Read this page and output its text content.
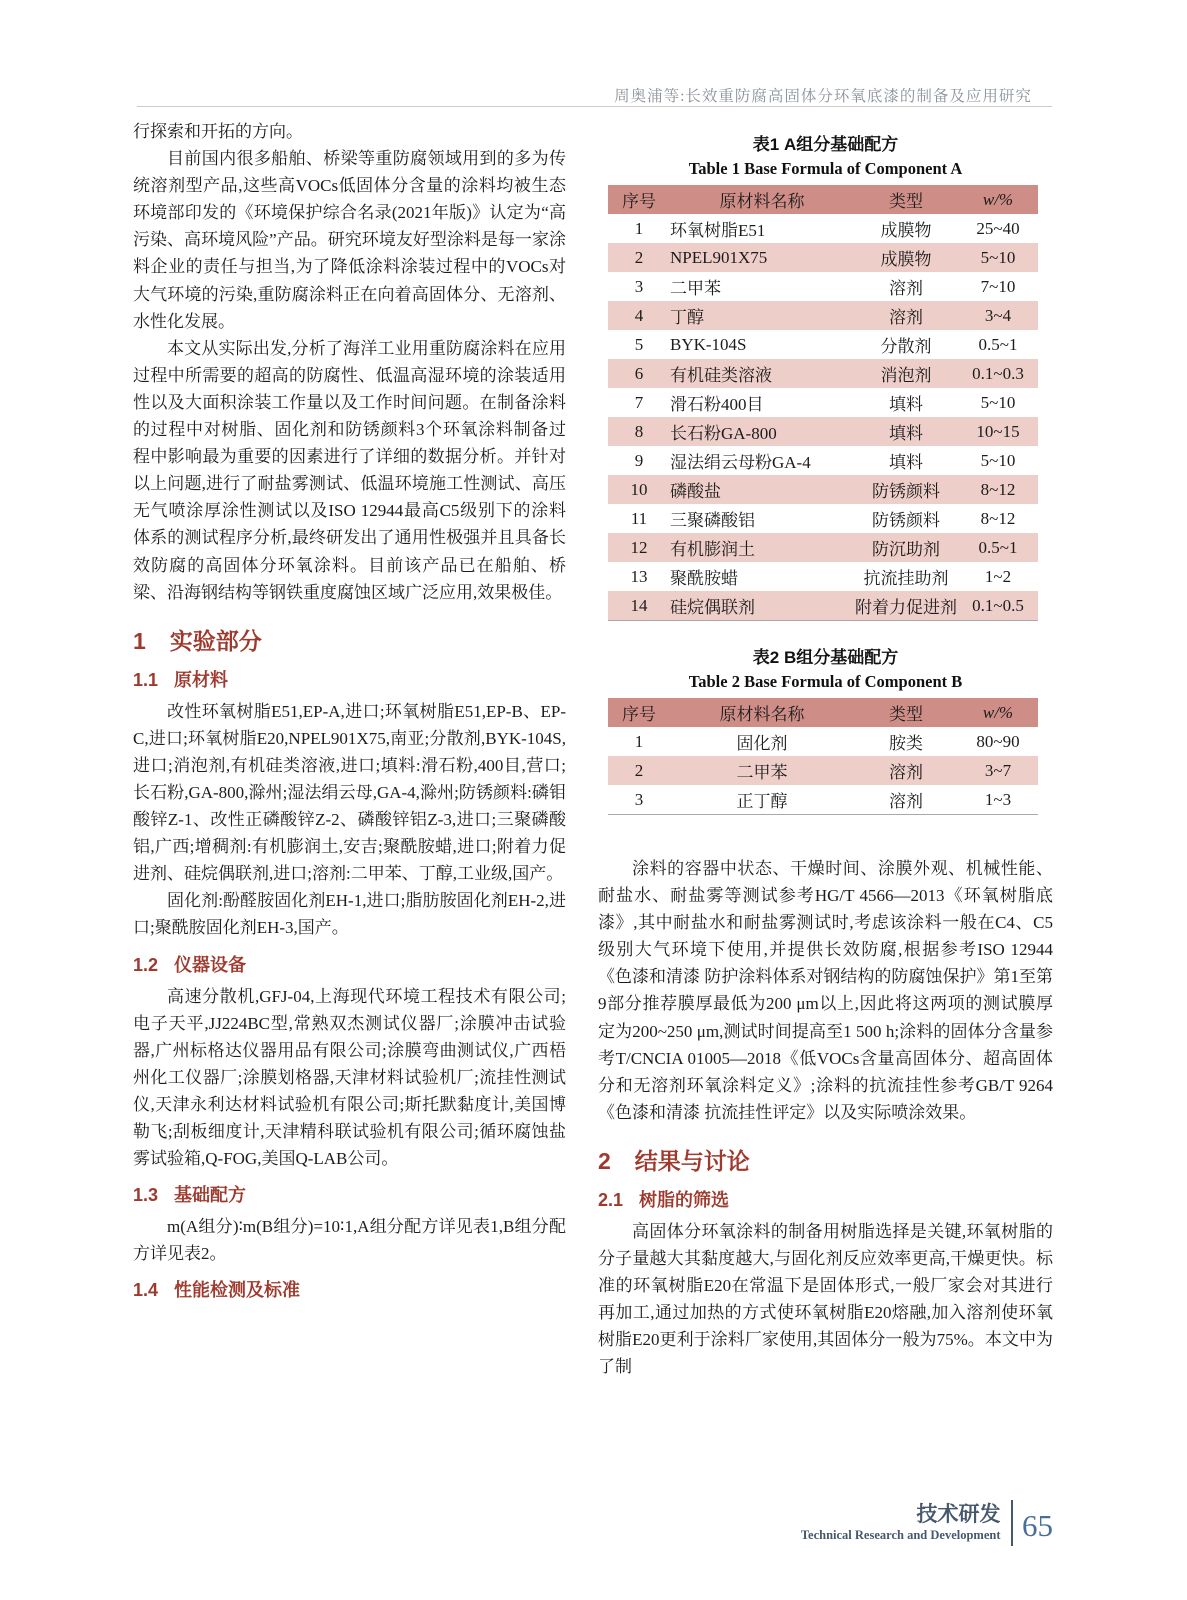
周奥浦等:长效重防腐高固体分环氧底漆的制备及应用研究

行探索和开拓的方向。

目前国内很多船舶、桥梁等重防腐领域用到的多为传统溶剂型产品,这些高VOCs低固体分含量的涂料均被生态环境部印发的《环境保护综合名录(2021年版)》认定为“高污染、高环境风险”产品。研究环境友好型涂料是每一家涂料企业的责任与担当,为了降低涂料涂装过程中的VOCs对大气环境的污染,重防腐涂料正在向着高固体分、无溶剂、水性化发展。

本文从实际出发,分析了海洋工业用重防腐涂料在应用过程中所需要的超高的防腐性、低温高湿环境的涂装适用性以及大面积涂装工作量以及工作时间问题。在制备涂料的过程中对树脂、固化剂和防锈颜料3个环氧涂料制备过程中影响最为重要的因素进行了详细的数据分析。并针对以上问题,进行了耐盐雾测试、低温环境施工性测试、高压无气喷涂厚涂性测试以及ISO 12944最高C5级别下的涂料体系的测试程序分析,最终研发出了通用性极强并且具备长效防腐的高固体分环氧涂料。目前该产品已在船舶、桥梁、沿海钢结构等钢铁重度腐蚀区域广泛应用,效果极佳。

1 实验部分
1.1 原材料

改性环氧树脂E51,EP-A,进口;环氧树脂E51,EP-B、EP-C,进口;环氧树脂E20,NPEL901X75,南亚;分散剂,BYK-104S,进口;消泡剂,有机硅类溶液,进口;填料:滑石粉,400目,营口;长石粉,GA-800,滁州;湿法绢云母,GA-4,滁州;防锈颜料:磷钼酸锌Z-1、改性正磷酸锌Z-2、磷酸锌铝Z-3,进口;三聚磷酸铝,广西;增稠剂:有机膨润土,安吉;聚酰胺蜡,进口;附着力促进剂、硅烷偶联剂,进口;溶剂:二甲苯、丁醇,工业级,国产。

固化剂:酚醛胺固化剂EH-1,进口;脂肪胺固化剂EH-2,进口;聚酰胺固化剂EH-3,国产。

1.2 仪器设备

高速分散机,GFJ-04,上海现代环境工程技术有限公司;电子天平,JJ224BC型,常熟双杰测试仪器厂;涂膜冲击试验器,广州标格达仪器用品有限公司;涂膜弯曲测试仪,广西梧州化工仪器厂;涂膜划格器,天津材料试验机厂;流挂性测试仪,天津永利达材料试验机有限公司;斯托默黏度计,美国博勒飞;刮板细度计,天津精科联试验机有限公司;循环腐蚀盐雾试验箱,Q-FOG,美国Q-LAB公司。

1.3 基础配方

m(A组分)∶m(B组分)=10∶1,A组分配方详见表1,B组分配方详见表2。

1.4 性能检测及标准

表1 A组分基础配方

Table 1 Base Formula of Component A

序号	原材料名称	类型	w/%
1	环氧树脂E51	成膜物	25~40
2	NPEL901X75	成膜物	5~10
3	二甲苯	溶剂	7~10
4	丁醇	溶剂	3~4
5	BYK-104S	分散剂	0.5~1
6	有机硅类溶液	消泡剂	0.1~0.3
7	滑石粉400目	填料	5~10
8	长石粉GA-800	填料	10~15
9	湿法绢云母粉GA-4	填料	5~10
10	磷酸盐	防锈颜料	8~12
11	三聚磷酸铝	防锈颜料	8~12
12	有机膨润土	防沉助剂	0.5~1
13	聚酰胺蜡	抗流挂助剂	1~2
14	硅烷偶联剂	附着力促进剂	0.1~0.5

表2 B组分基础配方

Table 2 Base Formula of Component B

序号	原材料名称	类型	w/%
1	固化剂	胺类	80~90
2	二甲苯	溶剂	3~7
3	正丁醇	溶剂	1~3

涂料的容器中状态、干燥时间、涂膜外观、机械性能、耐盐水、耐盐雾等测试参考HG/T 4566—2013《环氧树脂底漆》,其中耐盐水和耐盐雾测试时,考虑该涂料一般在C4、C5级别大气环境下使用,并提供长效防腐,根据参考ISO 12944《色漆和清漆 防护涂料体系对钢结构的防腐蚀保护》第1至第9部分推荐膜厚最低为200 μm以上,因此将这两项的测试膜厚定为200~250 μm,测试时间提高至1 500 h;涂料的固体分含量参考T/CNCIA 01005—2018《低VOCs含量高固体分、超高固体分和无溶剂环氧涂料定义》;涂料的抗流挂性参考GB/T 9264《色漆和清漆 抗流挂性评定》以及实际喷涂效果。

2 结果与讨论
2.1 树脂的筛选

高固体分环氧涂料的制备用树脂选择是关键,环氧树脂的分子量越大其黏度越大,与固化剂反应效率更高,干燥更快。标准的环氧树脂E20在常温下是固体形式,一般厂家会对其进行再加工,通过加热的方式使环氧树脂E20熔融,加入溶剂使环氧树脂E20更利于涂料厂家使用,其固体分一般为75%。本文中为了制

技术研发
Technical Research and Development 65
